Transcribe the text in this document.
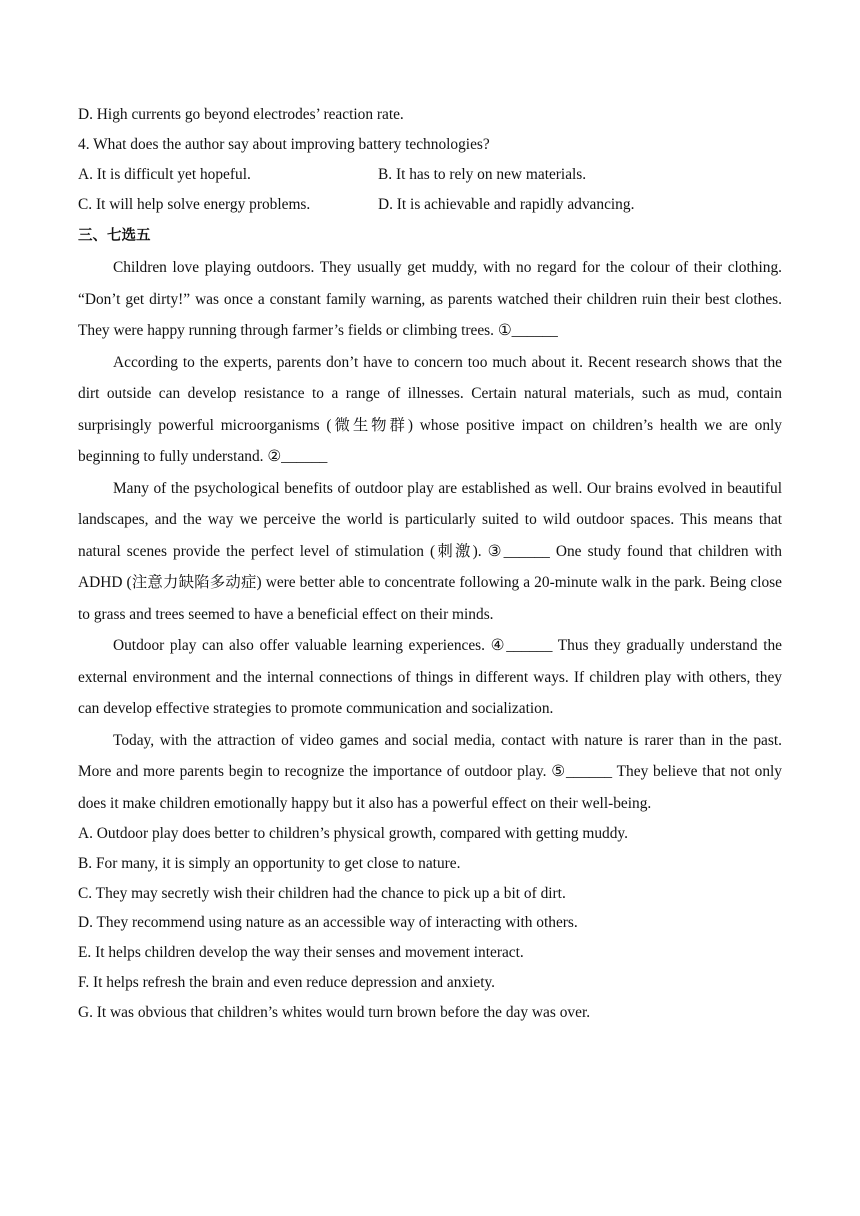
D. High currents go beyond electrodes’ reaction rate.
4. What does the author say about improving battery technologies?
A. It is difficult yet hopeful.	B. It has to rely on new materials.
C. It will help solve energy problems.	D. It is achievable and rapidly advancing.
三、七选五

Children love playing outdoors. They usually get muddy, with no regard for the colour of their clothing. “Don’t get dirty!” was once a constant family warning, as parents watched their children ruin their best clothes. They were happy running through farmer’s fields or climbing trees. ①______

According to the experts, parents don’t have to concern too much about it. Recent research shows that the dirt outside can develop resistance to a range of illnesses. Certain natural materials, such as mud, contain surprisingly powerful microorganisms (微生物群) whose positive impact on children’s health we are only beginning to fully understand. ②______

Many of the psychological benefits of outdoor play are established as well. Our brains evolved in beautiful landscapes, and the way we perceive the world is particularly suited to wild outdoor spaces. This means that natural scenes provide the perfect level of stimulation (刺激). ③______ One study found that children with ADHD (注意力缺陷多动症) were better able to concentrate following a 20-minute walk in the park. Being close to grass and trees seemed to have a beneficial effect on their minds.

Outdoor play can also offer valuable learning experiences. ④______ Thus they gradually understand the external environment and the internal connections of things in different ways. If children play with others, they can develop effective strategies to promote communication and socialization.

Today, with the attraction of video games and social media, contact with nature is rarer than in the past. More and more parents begin to recognize the importance of outdoor play. ⑤______ They believe that not only does it make children emotionally happy but it also has a powerful effect on their well-being.

A. Outdoor play does better to children’s physical growth, compared with getting muddy.
B. For many, it is simply an opportunity to get close to nature.
C. They may secretly wish their children had the chance to pick up a bit of dirt.
D. They recommend using nature as an accessible way of interacting with others.
E. It helps children develop the way their senses and movement interact.
F. It helps refresh the brain and even reduce depression and anxiety.
G. It was obvious that children’s whites would turn brown before the day was over.
